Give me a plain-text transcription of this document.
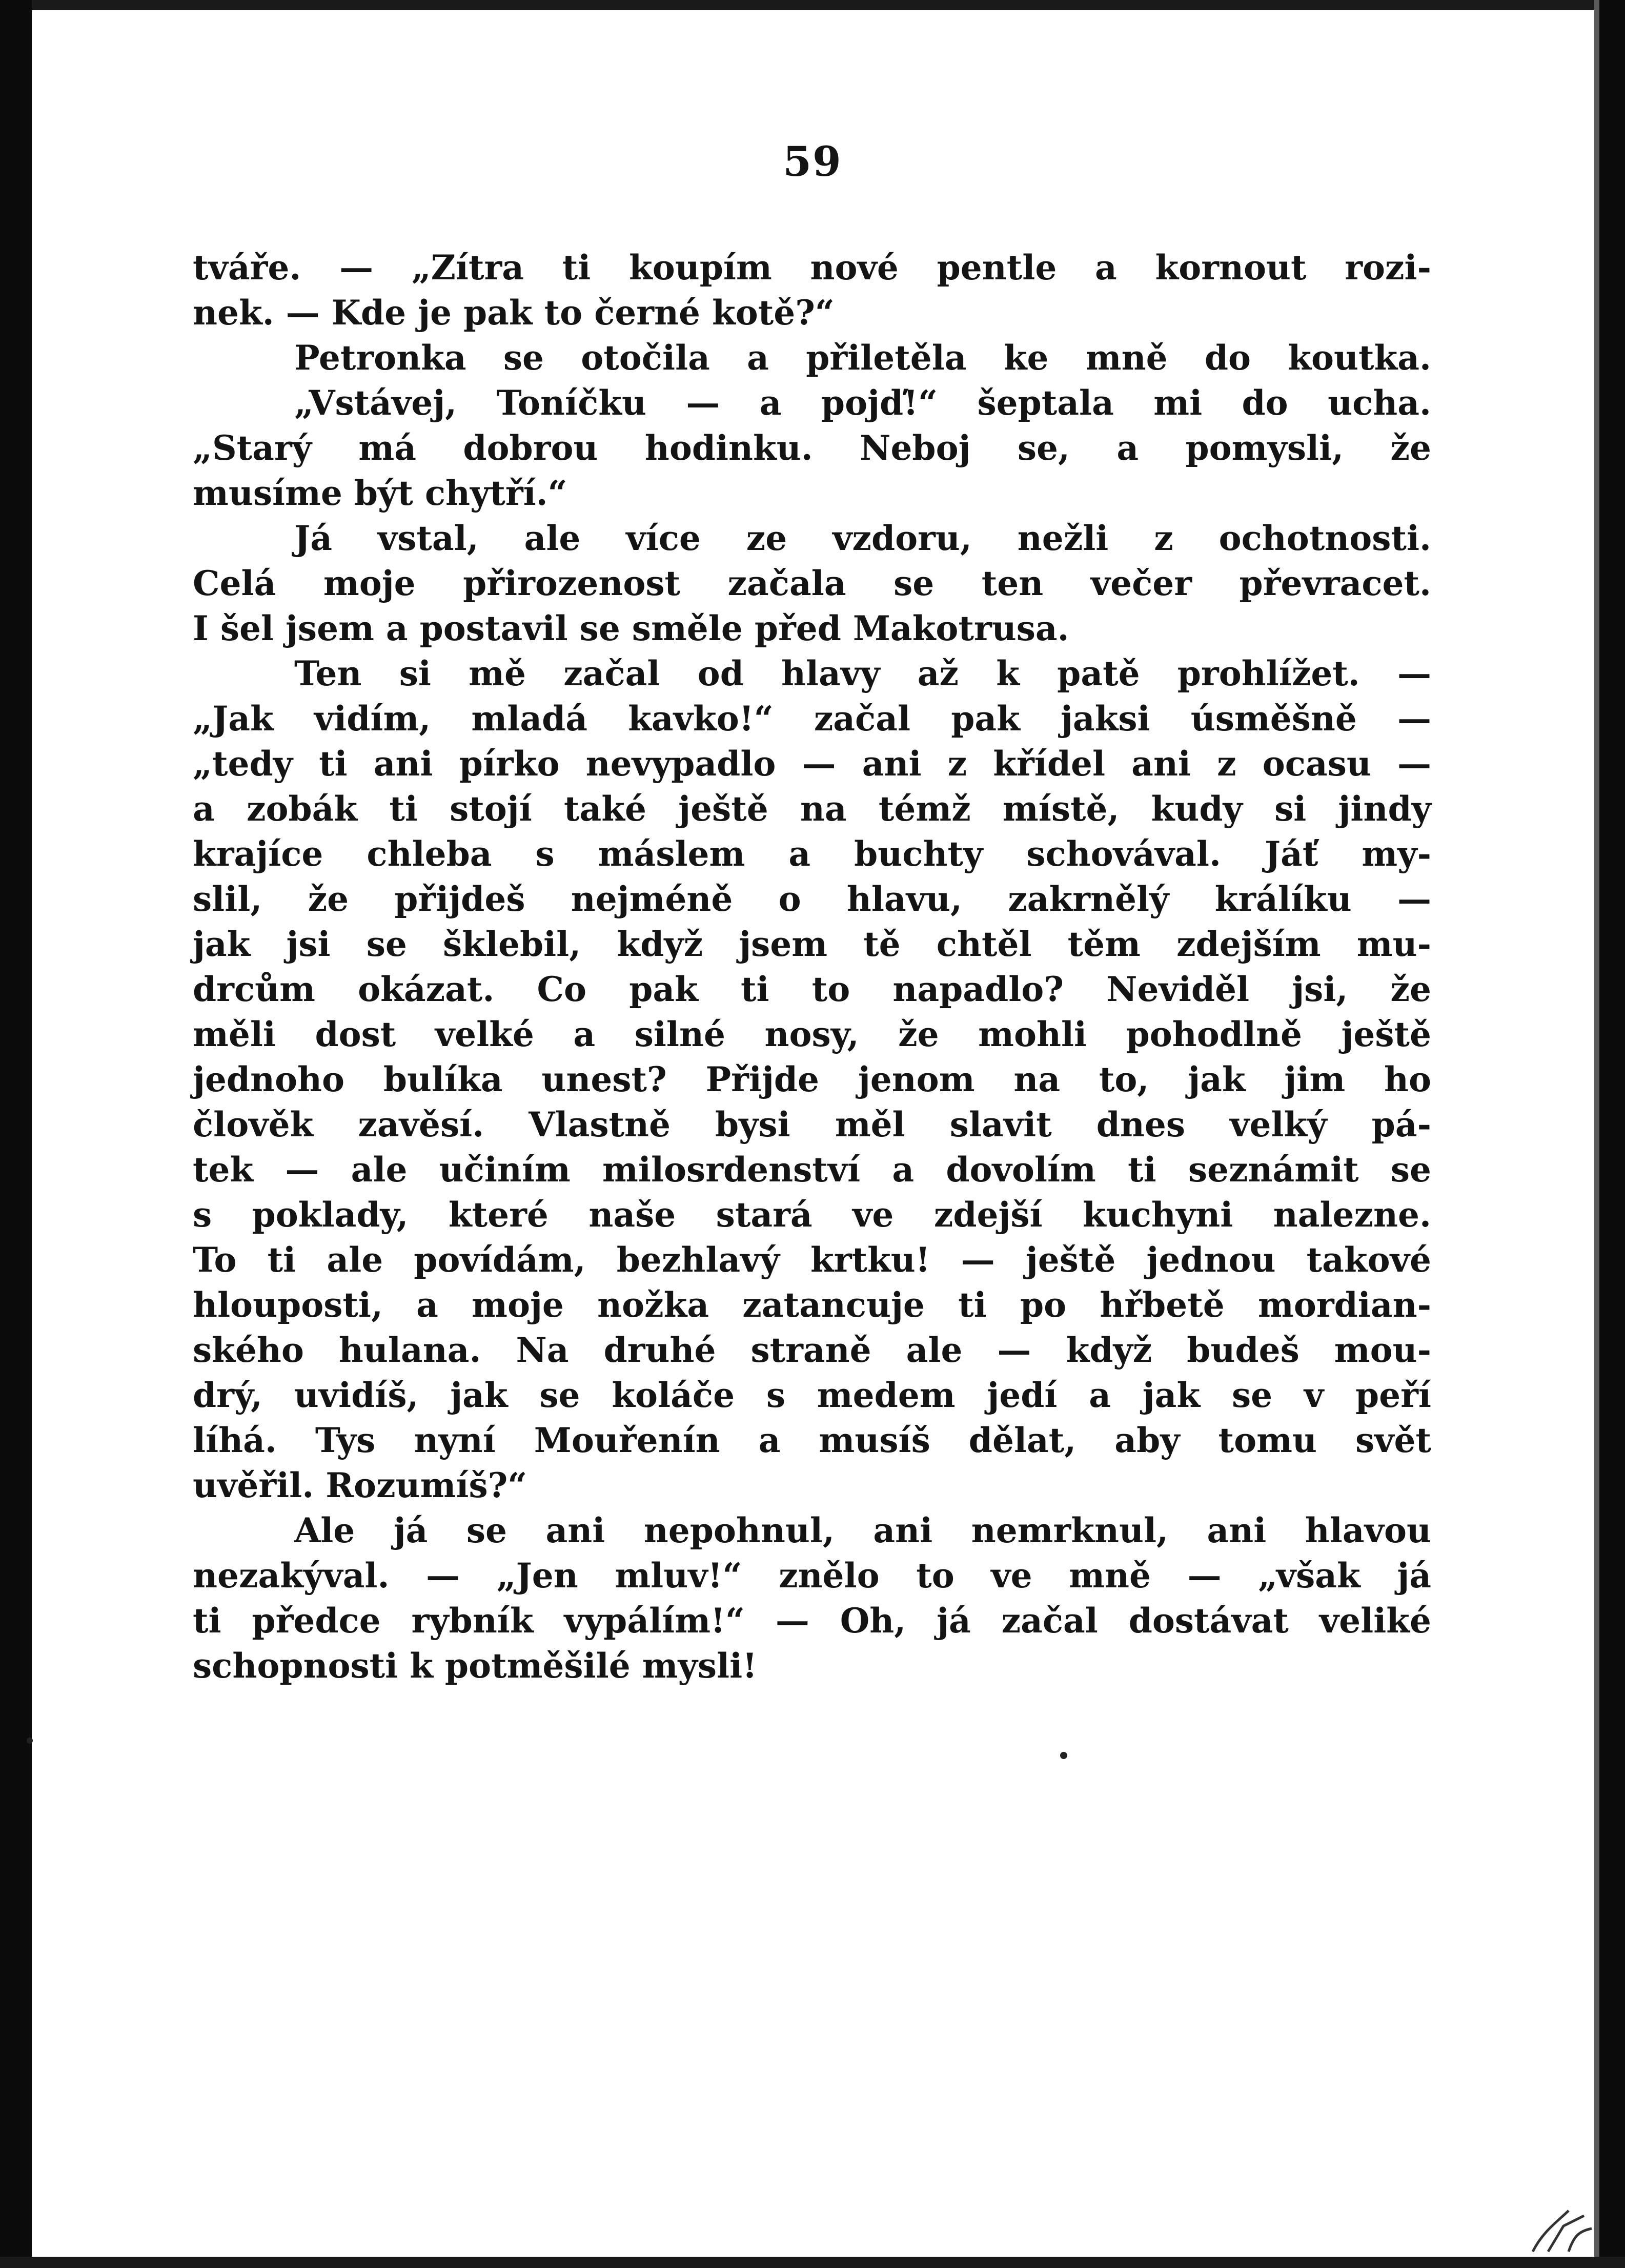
59
tváře. — „Zítra ti koupím nové pentle a kornout rozi-
nek. — Kde je pak to černé kotě?“
Petronka se otočila a přiletěla ke mně do koutka.
„Vstávej, Toníčku — a pojď!“ šeptala mi do ucha.
„Starý má dobrou hodinku. Neboj se, a pomysli, že
musíme být chytří.“
Já vstal, ale více ze vzdoru, nežli z ochotnosti.
Celá moje přirozenost začala se ten večer převracet.
I šel jsem a postavil se směle před Makotrusa.
Ten si mě začal od hlavy až k patě prohlížet. —
„Jak vidím, mladá kavko!“ začal pak jaksi úsměšně —
„tedy ti ani pírko nevypadlo — ani z křídel ani z ocasu —
a zobák ti stojí také ještě na témž místě, kudy si jindy
krajíce chleba s máslem a buchty schovával. Jáť my-
slil, že přijdeš nejméně o hlavu, zakrnělý králíku —
jak jsi se šklebil, když jsem tě chtěl těm zdejším mu-
drcům okázat. Co pak ti to napadlo? Neviděl jsi, že
měli dost velké a silné nosy, že mohli pohodlně ještě
jednoho bulíka unest? Přijde jenom na to, jak jim ho
člověk zavěsí. Vlastně bysi měl slavit dnes velký pá-
tek — ale učiním milosrdenství a dovolím ti seznámit se
s poklady, které naše stará ve zdejší kuchyni nalezne.
To ti ale povídám, bezhlavý krtku! — ještě jednou takové
hlouposti, a moje nožka zatancuje ti po hřbetě mordian-
ského hulana. Na druhé straně ale — když budeš mou-
drý, uvidíš, jak se koláče s medem jedí a jak se v peří
líhá. Tys nyní Mouřenín a musíš dělat, aby tomu svět
uvěřil. Rozumíš?“
Ale já se ani nepohnul, ani nemrknul, ani hlavou
nezakýval. — „Jen mluv!“ znělo to ve mně — „však já
ti předce rybník vypálím!“ — Oh, já začal dostávat veliké
schopnosti k potměšilé mysli!
